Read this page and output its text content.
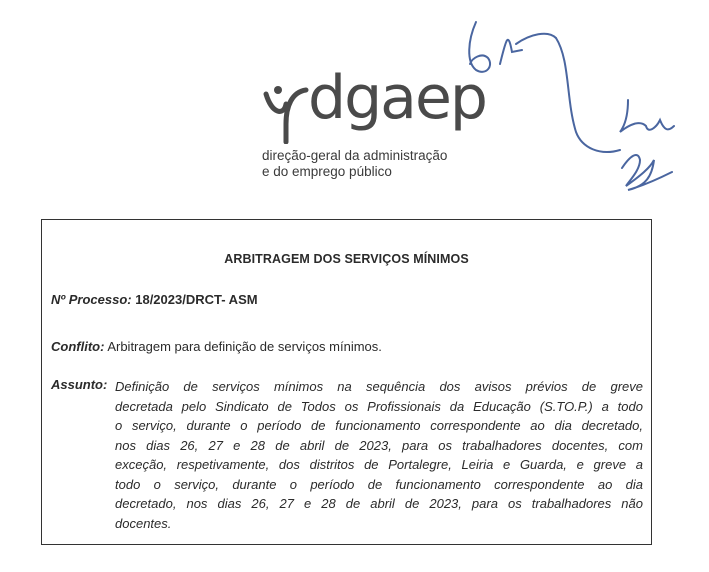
dgaep
direção-geral da administração
e do emprego público
ARBITRAGEM DOS SERVIÇOS MÍNIMOS
Nº Processo: 18/2023/DRCT- ASM
Conflito: Arbitragem para definição de serviços mínimos.
Assunto: Definição de serviços mínimos na sequência dos avisos prévios de greve
decretada pelo Sindicato de Todos os Profissionais da Educação (S.TO.P.) a todo
o serviço, durante o período de funcionamento correspondente ao dia decretado,
nos dias 26, 27 e 28 de abril de 2023, para os trabalhadores docentes, com
exceção, respetivamente, dos distritos de Portalegre, Leiria e Guarda, e greve a
todo o serviço, durante o período de funcionamento correspondente ao dia
decretado, nos dias 26, 27 e 28 de abril de 2023, para os trabalhadores não
docentes.
